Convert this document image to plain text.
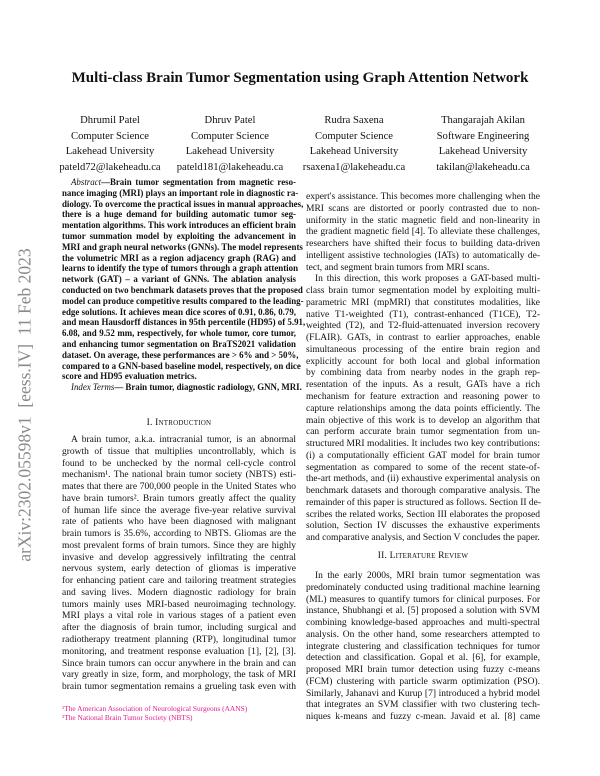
arXiv:2302.05598v1  [eess.IV]  11 Feb 2023
Multi-class Brain Tumor Segmentation using Graph Attention Network
Dhrumil Patel
Computer Science
Lakehead University
pateld72@lakeheadu.ca
Dhruv Patel
Computer Science
Lakehead University
pateld181@lakeheadu.ca
Rudra Saxena
Computer Science
Lakehead University
rsaxena1@lakeheadu.ca
Thangarajah Akilan
Software Engineering
Lakehead University
takilan@lakeheadu.ca
Abstract—Brain tumor segmentation from magnetic reso-
nance imaging (MRI) plays an important role in diagnostic ra-
diology. To overcome the practical issues in manual approaches,
there is a huge demand for building automatic tumor seg-
mentation algorithms. This work introduces an efficient brain
tumor summation model by exploiting the advancement in
MRI and graph neural networks (GNNs). The model represents
the volumetric MRI as a region adjacency graph (RAG) and
learns to identify the type of tumors through a graph attention
network (GAT) – a variant of GNNs. The ablation analysis
conducted on two benchmark datasets proves that the proposed
model can produce competitive results compared to the leading-
edge solutions. It achieves mean dice scores of 0.91, 0.86, 0.79,
and mean Hausdorff distances in 95th percentile (HD95) of 5.91,
6.08, and 9.52 mm, respectively, for whole tumor, core tumor,
and enhancing tumor segmentation on BraTS2021 validation
dataset. On average, these performances are > 6% and > 50%,
compared to a GNN-based baseline model, respectively, on dice
score and HD95 evaluation metrics.
Index Terms— Brain tumor, diagnostic radiology, GNN, MRI.
I. Introduction
A brain tumor, a.k.a. intracranial tumor, is an abnormal
growth of tissue that multiplies uncontrollably, which is
found to be unchecked by the normal cell-cycle control
mechanism¹. The national brain tumor society (NBTS) esti-
mates that there are 700,000 people in the United States who
have brain tumors². Brain tumors greatly affect the quality
of human life since the average five-year relative survival
rate of patients who have been diagnosed with malignant
brain tumors is 35.6%, according to NBTS. Gliomas are the
most prevalent forms of brain tumors. Since they are highly
invasive and develop aggressively infiltrating the central
nervous system, early detection of gliomas is imperative
for enhancing patient care and tailoring treatment strategies
and saving lives. Modern diagnostic radiology for brain
tumors mainly uses MRI-based neuroimaging technology.
MRI plays a vital role in various stages of a patient even
after the diagnosis of brain tumor, including surgical and
radiotherapy treatment planning (RTP), longitudinal tumor
monitoring, and treatment response evaluation [1], [2], [3].
Since brain tumors can occur anywhere in the brain and can
vary greatly in size, form, and morphology, the task of MRI
brain tumor segmentation remains a grueling task even with
¹The American Association of Neurological Surgeons (AANS)
²The National Brain Tumor Society (NBTS)
expert's assistance. This becomes more challenging when the
MRI scans are distorted or poorly contrasted due to non-
uniformity in the static magnetic field and non-linearity in
the gradient magnetic field [4]. To alleviate these challenges,
researchers have shifted their focus to building data-driven
intelligent assistive technologies (IATs) to automatically de-
tect, and segment brain tumors from MRI scans.
In this direction, this work proposes a GAT-based multi-
class brain tumor segmentation model by exploiting multi-
parametric MRI (mpMRI) that constitutes modalities, like
native T1-weighted (T1), contrast-enhanced (T1CE), T2-
weighted (T2), and T2-fluid-attenuated inversion recovery
(FLAIR). GATs, in contrast to earlier approaches, enable
simultaneous processing of the entire brain region and
explicitly account for both local and global information
by combining data from nearby nodes in the graph rep-
resentation of the inputs. As a result, GATs have a rich
mechanism for feature extraction and reasoning power to
capture relationships among the data points efficiently. The
main objective of this work is to develop an algorithm that
can perform accurate brain tumor segmentation from un-
structured MRI modalities. It includes two key contributions:
(i) a computationally efficient GAT model for brain tumor
segmentation as compared to some of the recent state-of-
the-art methods, and (ii) exhaustive experimental analysis on
benchmark datasets and thorough comparative analysis. The
remainder of this paper is structured as follows. Section II de-
scribes the related works, Section III elaborates the proposed
solution, Section IV discusses the exhaustive experiments
and comparative analysis, and Section V concludes the paper.
II. Literature Review
In the early 2000s, MRI brain tumor segmentation was
predominately conducted using traditional machine learning
(ML) measures to quantify tumors for clinical purposes. For
instance, Shubhangi et al. [5] proposed a solution with SVM
combining knowledge-based approaches and multi-spectral
analysis. On the other hand, some researchers attempted to
integrate clustering and classification techniques for tumor
detection and classification. Gopal et al. [6], for example,
proposed MRI brain tumor detection using fuzzy c-means
(FCM) clustering with particle swarm optimization (PSO).
Similarly, Jahanavi and Kurup [7] introduced a hybrid model
that integrates an SVM classifier with two clustering tech-
niques k-means and fuzzy c-mean. Javaid et al. [8] came
